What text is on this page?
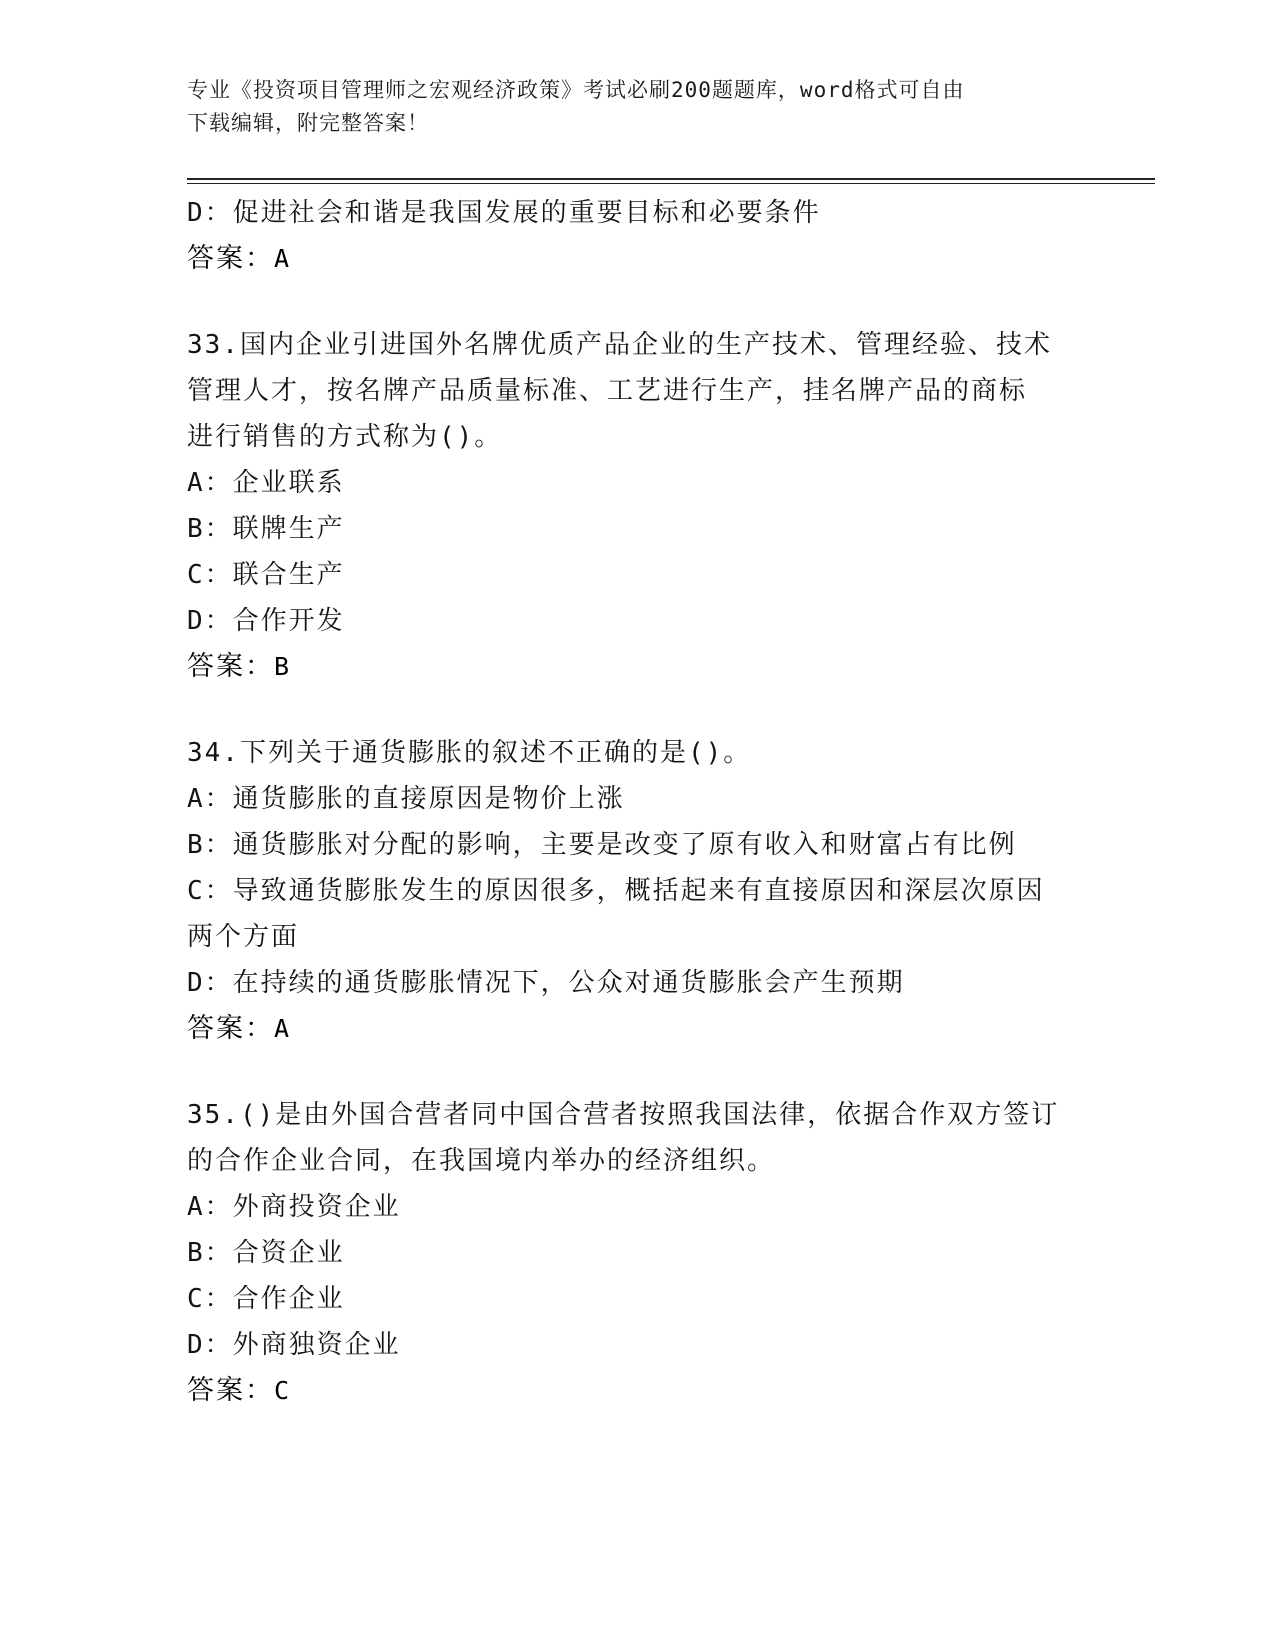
专业《投资项目管理师之宏观经济政策》考试必刷200题题库，word格式可自由
下载编辑，附完整答案！
D：促进社会和谐是我国发展的重要目标和必要条件
答案：A
33.国内企业引进国外名牌优质产品企业的生产技术、管理经验、技术
管理人才，按名牌产品质量标准、工艺进行生产，挂名牌产品的商标
进行销售的方式称为()。
A：企业联系
B：联牌生产
C：联合生产
D：合作开发
答案：B
34.下列关于通货膨胀的叙述不正确的是()。
A：通货膨胀的直接原因是物价上涨
B：通货膨胀对分配的影响，主要是改变了原有收入和财富占有比例
C：导致通货膨胀发生的原因很多，概括起来有直接原因和深层次原因
两个方面
D：在持续的通货膨胀情况下，公众对通货膨胀会产生预期
答案：A
35.()是由外国合营者同中国合营者按照我国法律，依据合作双方签订
的合作企业合同，在我国境内举办的经济组织。
A：外商投资企业
B：合资企业
C：合作企业
D：外商独资企业
答案：C
